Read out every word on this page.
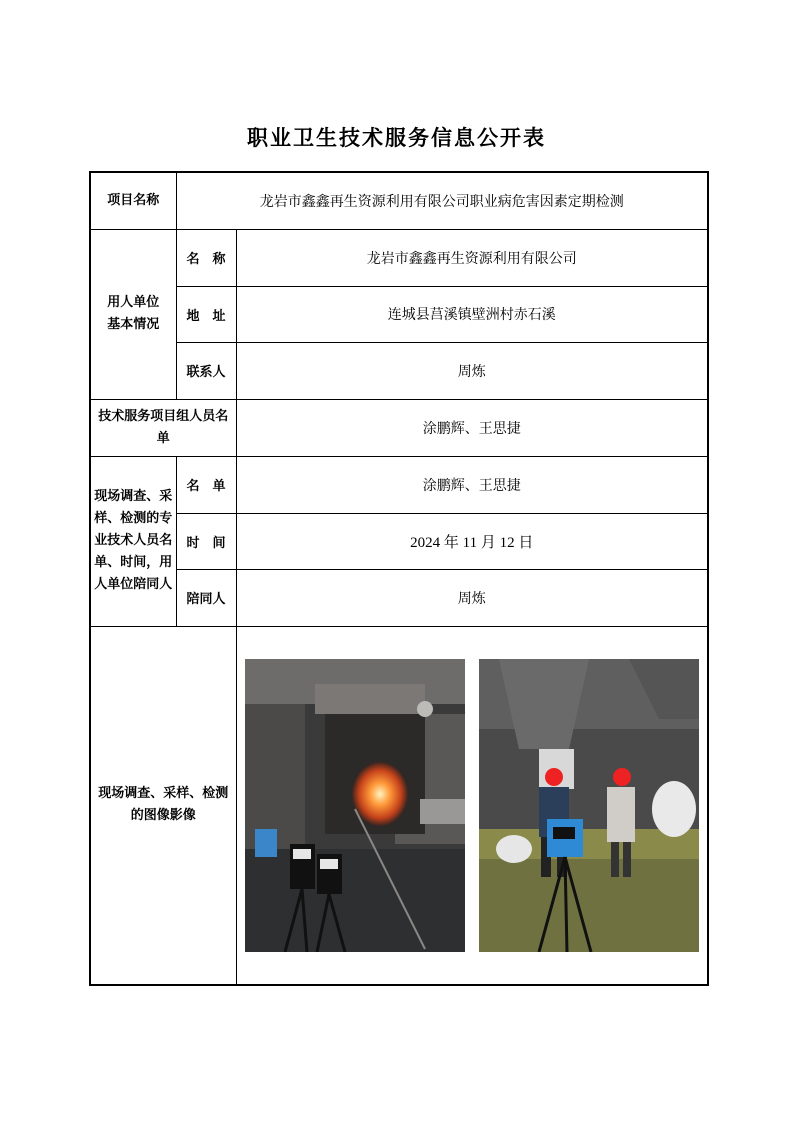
职业卫生技术服务信息公开表
项目名称	龙岩市鑫鑫再生资源利用有限公司职业病危害因素定期检测	
用人单位
基本情况	名　称	龙岩市鑫鑫再生资源利用有限公司
	地　址	连城县莒溪镇壁洲村赤石溪
	联系人	周炼
技术服务项目组人员名单		涂鹏辉、王思捷
现场调查、采样、检测的专业技术人员名单、时间，用人单位陪同人	名　单	涂鹏辉、王思捷
	时　间	2024 年 11 月 12 日
	陪同人	周炼
现场调查、采样、检测的图像影像	
